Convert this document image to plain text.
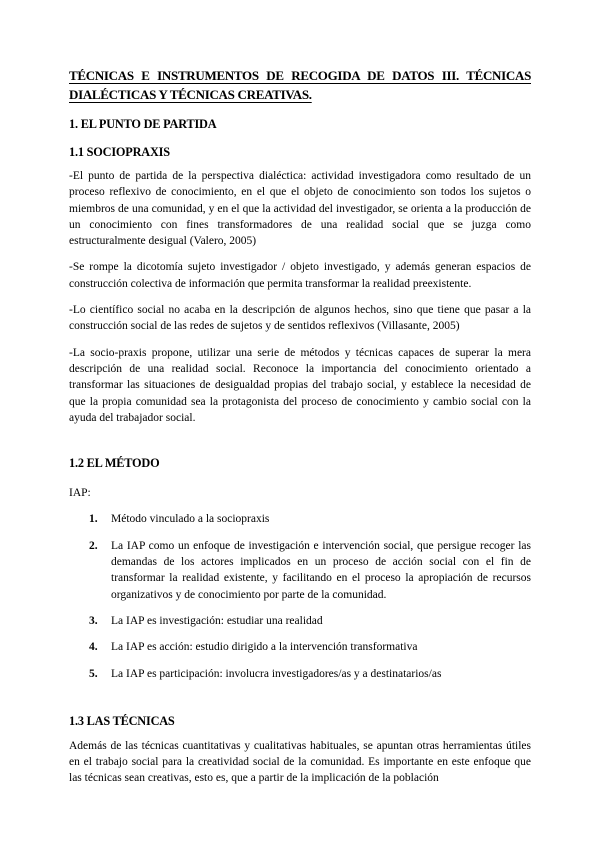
TÉCNICAS E INSTRUMENTOS DE RECOGIDA DE DATOS III. TÉCNICAS
DIALÉCTICAS Y TÉCNICAS CREATIVAS.
1. EL PUNTO DE PARTIDA
1.1 SOCIOPRAXIS

-El punto de partida de la perspectiva dialéctica: actividad investigadora como resultado de un proceso reflexivo de conocimiento, en el que el objeto de conocimiento son todos los sujetos o miembros de una comunidad, y en el que la actividad del investigador, se orienta a la producción de un conocimiento con fines transformadores de una realidad social que se juzga como estructuralmente desigual (Valero, 2005)

-Se rompe la dicotomía sujeto investigador / objeto investigado, y además generan espacios de construcción colectiva de información que permita transformar la realidad preexistente.

-Lo científico social no acaba en la descripción de algunos hechos, sino que tiene que pasar a la construcción social de las redes de sujetos y de sentidos reflexivos (Villasante, 2005)

-La socio-praxis propone, utilizar una serie de métodos y técnicas capaces de superar la mera descripción de una realidad social. Reconoce la importancia del conocimiento orientado a transformar las situaciones de desigualdad propias del trabajo social, y establece la necesidad de que la propia comunidad sea la protagonista del proceso de conocimiento y cambio social con la ayuda del trabajador social.

1.2 EL MÉTODO

IAP:

1.	Método vinculado a la sociopraxis
2.	La IAP como un enfoque de investigación e intervención social, que persigue recoger las demandas de los actores implicados en un proceso de acción social con el fin de transformar la realidad existente, y facilitando en el proceso la apropiación de recursos organizativos y de conocimiento por parte de la comunidad.
3.	La IAP es investigación: estudiar una realidad
4.	La IAP es acción: estudio dirigido a la intervención transformativa
5.	La IAP es participación: involucra investigadores/as y a destinatarios/as
1.3 LAS TÉCNICAS

Además de las técnicas cuantitativas y cualitativas habituales, se apuntan otras herramientas útiles en el trabajo social para la creatividad social de la comunidad. Es importante en este enfoque que las técnicas sean creativas, esto es, que a partir de la implicación de la población
